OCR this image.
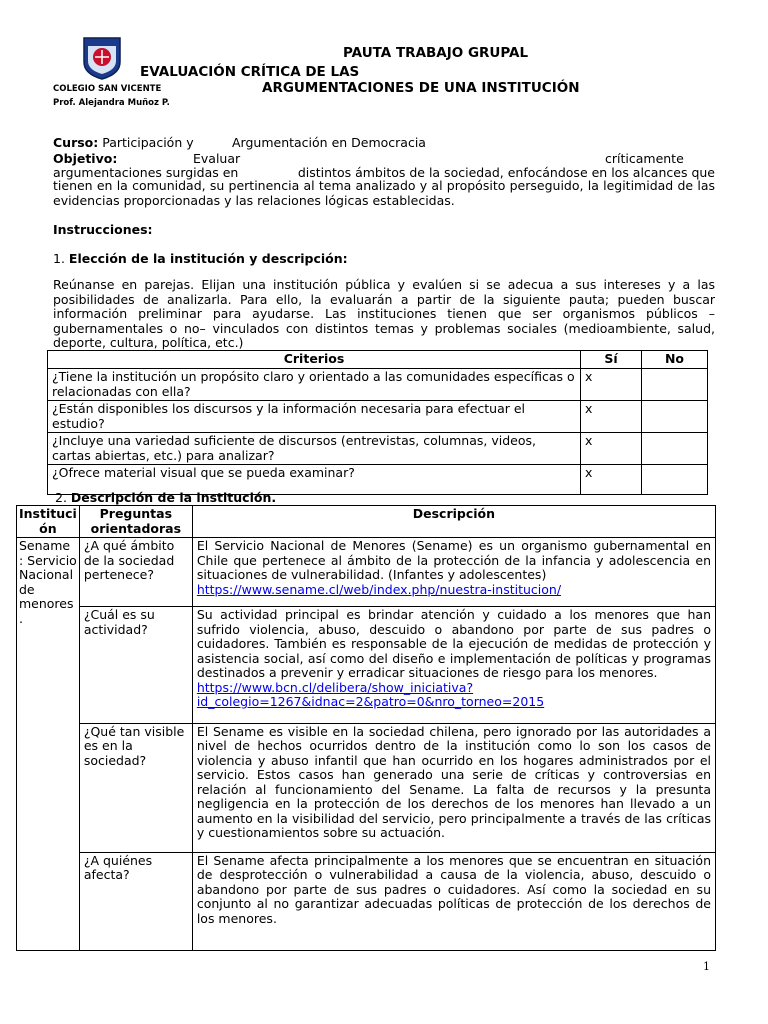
PAUTA TRABAJO GRUPAL
EVALUACIÓN CRÍTICA DE LAS
COLEGIO SAN VICENTE	ARGUMENTACIONES DE UNA INSTITUCIÓN
Prof. Alejandra Muñoz P.
Curso: Participación y	Argumentación en Democracia
Objetivo:	Evaluar	críticamente
argumentaciones surgidas en	distintos ámbitos de la sociedad, enfocándose en los alcances que
tienen en la comunidad, su pertinencia al tema analizado y al propósito perseguido, la legitimidad de las evidencias proporcionadas y las relaciones lógicas establecidas.
Instrucciones:
1. Elección de la institución y descripción:
Reúnanse en parejas. Elijan una institución pública y evalúen si se adecua a sus intereses y a las posibilidades de analizarla. Para ello, la evaluarán a partir de la siguiente pauta; pueden buscar información preliminar para ayudarse. Las instituciones tienen que ser organismos públicos – gubernamentales o no– vinculados con distintos temas y problemas sociales (medioambiente, salud, deporte, cultura, política, etc.)
Criterios	Sí	No
¿Tiene la institución un propósito claro y orientado a las comunidades específicas o relacionadas con ella?	x	
¿Están disponibles los discursos y la información necesaria para efectuar el estudio?	x	
¿Incluye una variedad suficiente de discursos (entrevistas, columnas, videos, cartas abiertas, etc.) para analizar?	x	
¿Ofrece material visual que se pueda examinar?	x	
2. Descripción de la institución.
Instituci ón	Preguntas orientadoras	Descripción
Sename : Servicio Nacional de menores .	¿A qué ámbito de la sociedad pertenece?	El Servicio Nacional de Menores (Sename) es un organismo gubernamental en Chile que pertenece al ámbito de la protección de la infancia y adolescencia en situaciones de vulnerabilidad. (Infantes y adolescentes)
https://www.sename.cl/web/index.php/nuestra-institucion/
	¿Cuál es su actividad?	Su actividad principal es brindar atención y cuidado a los menores que han sufrido violencia, abuso, descuido o abandono por parte de sus padres o cuidadores. También es responsable de la ejecución de medidas de protección y asistencia social, así como del diseño e implementación de políticas y programas destinados a prevenir y erradicar situaciones de riesgo para los menores.
https://www.bcn.cl/delibera/show_iniciativa?
id_colegio=1267&idnac=2&patro=0&nro_torneo=2015
	¿Qué tan visible es en la sociedad?	El Sename es visible en la sociedad chilena, pero ignorado por las autoridades a nivel de hechos ocurridos dentro de la institución como lo son los casos de violencia y abuso infantil que han ocurrido en los hogares administrados por el servicio. Estos casos han generado una serie de críticas y controversias en relación al funcionamiento del Sename. La falta de recursos y la presunta negligencia en la protección de los derechos de los menores han llevado a un aumento en la visibilidad del servicio, pero principalmente a través de las críticas y cuestionamientos sobre su actuación.
	¿A quiénes afecta?	El Sename afecta principalmente a los menores que se encuentran en situación de desprotección o vulnerabilidad a causa de la violencia, abuso, descuido o abandono por parte de sus padres o cuidadores. Así como la sociedad en su conjunto al no garantizar adecuadas políticas de protección de los derechos de los menores.
1
